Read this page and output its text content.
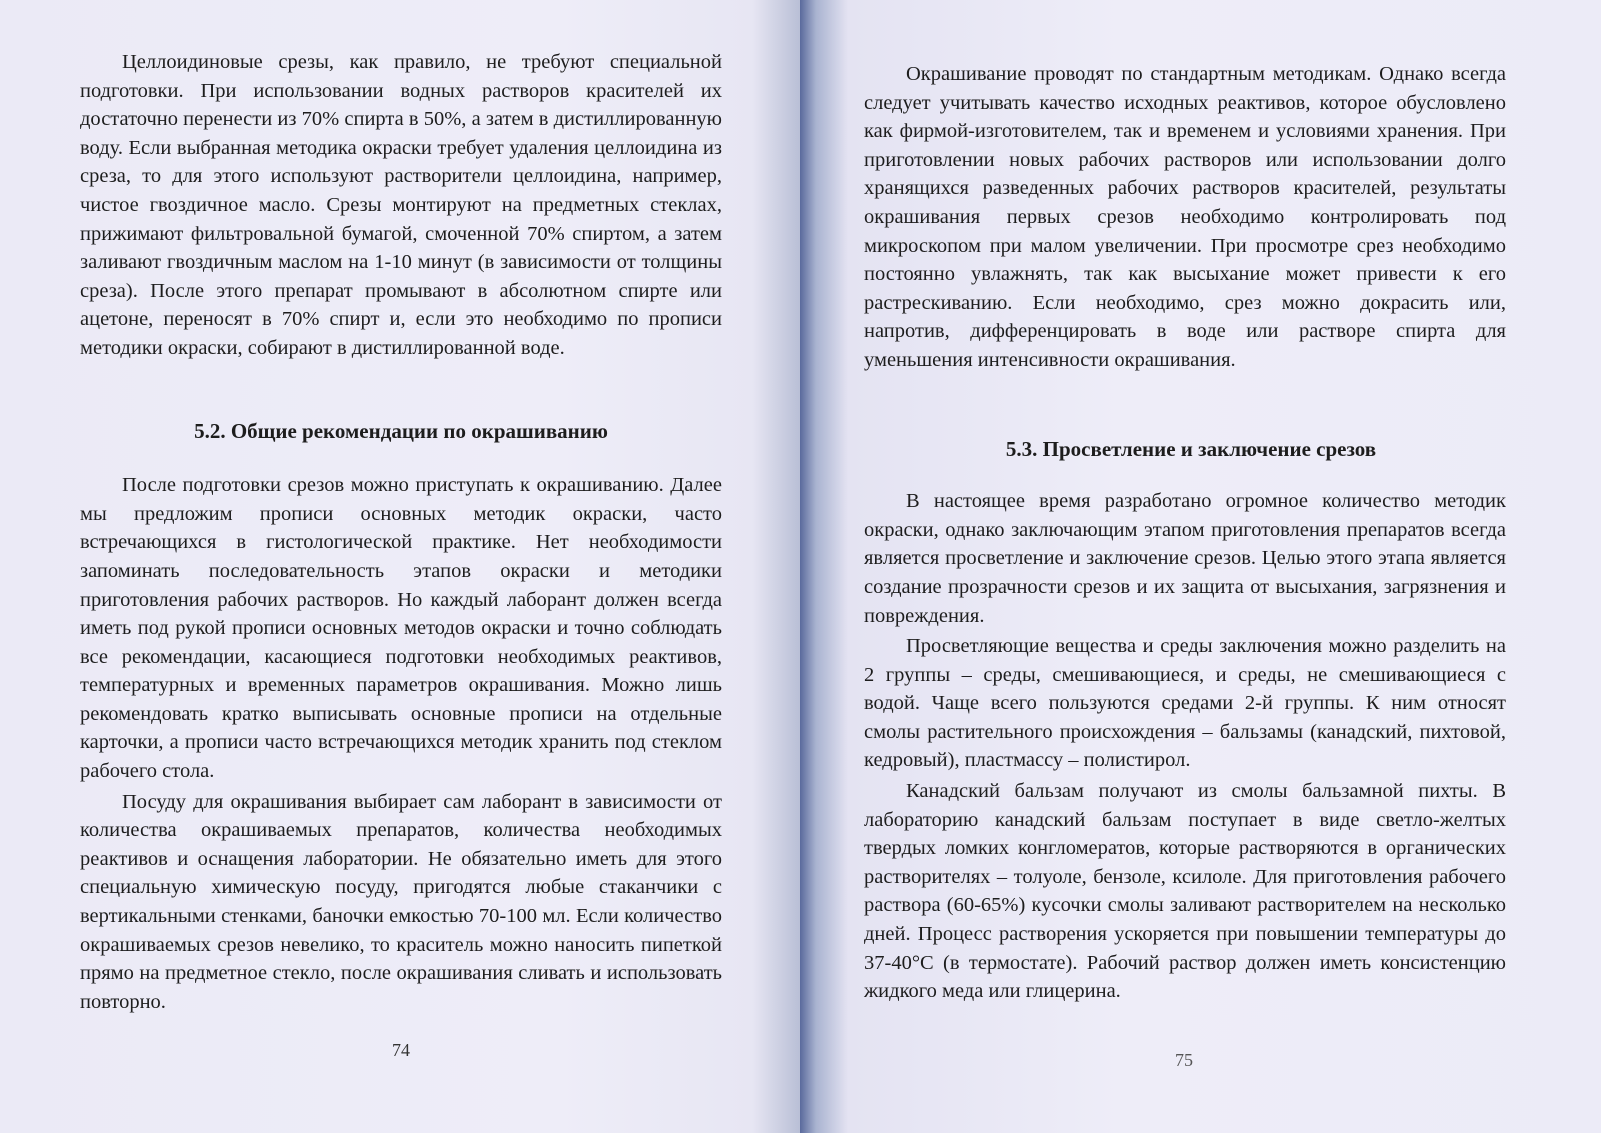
Целлоидиновые срезы, как правило, не требуют специальной подготовки. При использовании водных растворов красителей их достаточно перенести из 70% спирта в 50%, а затем в дистиллированную воду. Если выбранная методика окраски требует удаления целлоидина из среза, то для этого используют растворители целлоидина, например, чистое гвоздичное масло. Срезы монтируют на предметных стеклах, прижимают фильтровальной бумагой, смоченной 70% спиртом, а затем заливают гвоздичным маслом на 1-10 минут (в зависимости от толщины среза). После этого препарат промывают в абсолютном спирте или ацетоне, переносят в 70% спирт и, если это необходимо по прописи методики окраски, собирают в дистиллированной воде.

5.2. Общие рекомендации по окрашиванию

После подготовки срезов можно приступать к окрашиванию. Далее мы предложим прописи основных методик окраски, часто встречающихся в гистологической практике. Нет необходимости запоминать последовательность этапов окраски и методики приготовления рабочих растворов. Но каждый лаборант должен всегда иметь под рукой прописи основных методов окраски и точно соблюдать все рекомендации, касающиеся подготовки необходимых реактивов, температурных и временных параметров окрашивания. Можно лишь рекомендовать кратко выписывать основные прописи на отдельные карточки, а прописи часто встречающихся методик хранить под стеклом рабочего стола.

Посуду для окрашивания выбирает сам лаборант в зависимости от количества окрашиваемых препаратов, количества необходимых реактивов и оснащения лаборатории. Не обязательно иметь для этого специальную химическую посуду, пригодятся любые стаканчики с вертикальными стенками, баночки емкостью 70-100 мл. Если количество окрашиваемых срезов невелико, то краситель можно наносить пипеткой прямо на предметное стекло, после окрашивания сливать и использовать повторно.

74

Окрашивание проводят по стандартным методикам. Однако всегда следует учитывать качество исходных реактивов, которое обусловлено как фирмой-изготовителем, так и временем и условиями хранения. При приготовлении новых рабочих растворов или использовании долго хранящихся разведенных рабочих растворов красителей, результаты окрашивания первых срезов необходимо контролировать под микроскопом при малом увеличении. При просмотре срез необходимо постоянно увлажнять, так как высыхание может привести к его растрескиванию. Если необходимо, срез можно докрасить или, напротив, дифференцировать в воде или растворе спирта для уменьшения интенсивности окрашивания.

5.3. Просветление и заключение срезов

В настоящее время разработано огромное количество методик окраски, однако заключающим этапом приготовления препаратов всегда является просветление и заключение срезов. Целью этого этапа является создание прозрачности срезов и их защита от высыхания, загрязнения и повреждения.

Просветляющие вещества и среды заключения можно разделить на 2 группы – среды, смешивающиеся, и среды, не смешивающиеся с водой. Чаще всего пользуются средами 2-й группы. К ним относят смолы растительного происхождения – бальзамы (канадский, пихтовой, кедровый), пластмассу – полистирол.

Канадский бальзам получают из смолы бальзамной пихты. В лабораторию канадский бальзам поступает в виде светло-желтых твердых ломких конгломератов, которые растворяются в органических растворителях – толуоле, бензоле, ксилоле. Для приготовления рабочего раствора (60-65%) кусочки смолы заливают растворителем на несколько дней. Процесс растворения ускоряется при повышении температуры до 37-40°С (в термостате). Рабочий раствор должен иметь консистенцию жидкого меда или глицерина.

75
